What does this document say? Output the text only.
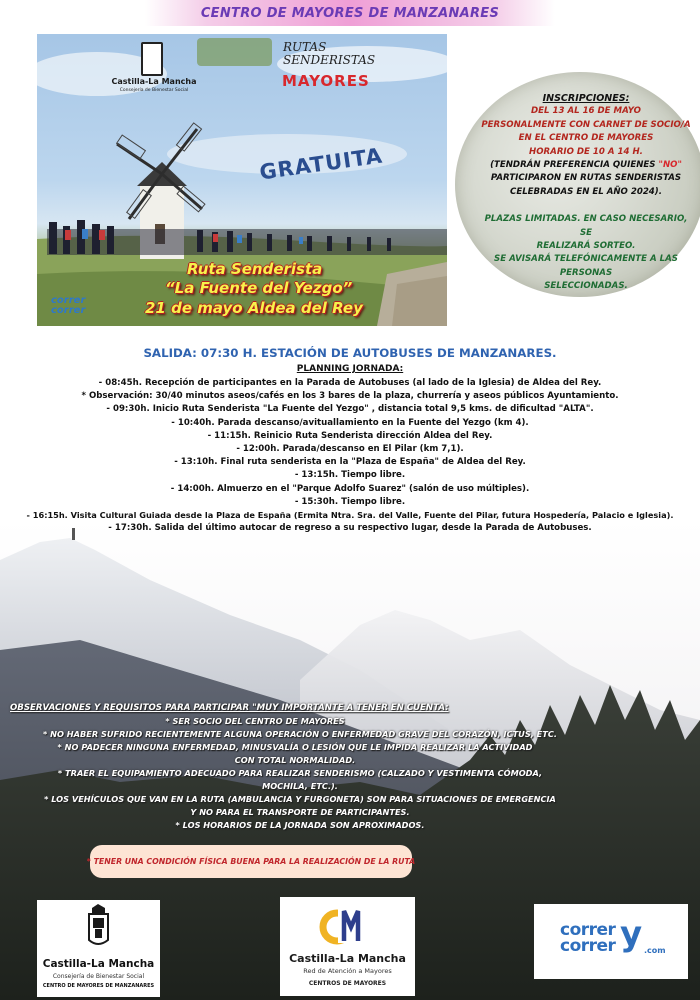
CENTRO DE MAYORES DE MANZANARES
Castilla-La Mancha
Consejería de Bienestar Social
RUTAS
SENDERISTAS
MAYORES
GRATUITA
Ruta Senderista
“La Fuente del Yezgo”
21 de mayo Aldea del Rey
correr
correr
INSCRIPCIONES:
DEL 13 AL 16 DE MAYO
PERSONALMENTE CON CARNET DE SOCIO/A
EN EL CENTRO DE MAYORES
HORARIO DE 10 A 14 H.
(TENDRÁN PREFERENCIA QUIENES "NO"
PARTICIPARON EN RUTAS SENDERISTAS
CELEBRADAS EN EL AÑO 2024).
PLAZAS LIMITADAS. EN CASO NECESARIO, SE
REALIZARÁ SORTEO.
SE AVISARÁ TELEFÓNICAMENTE A LAS PERSONAS
SELECCIONADAS.
SALIDA: 07:30 H. ESTACIÓN DE AUTOBUSES DE MANZANARES.
PLANNING JORNADA:
- 08:45h. Recepción de participantes en la Parada de Autobuses (al lado de la Iglesia) de Aldea del Rey.
* Observación: 30/40 minutos aseos/cafés en los 3 bares de la plaza, churrería y aseos públicos Ayuntamiento.
- 09:30h. Inicio Ruta Senderista "La Fuente del Yezgo" , distancia total 9,5 kms. de dificultad "ALTA".
- 10:40h. Parada descanso/avituallamiento en la Fuente del Yezgo (km 4).
- 11:15h. Reinicio Ruta Senderista dirección Aldea del Rey.
- 12:00h. Parada/descanso en El Pilar (km 7,1).
- 13:10h. Final ruta senderista en la "Plaza de España" de Aldea del Rey.
- 13:15h. Tiempo libre.
- 14:00h. Almuerzo en el "Parque Adolfo Suarez" (salón de uso múltiples).
- 15:30h. Tiempo libre.
- 16:15h. Visita Cultural Guiada desde la Plaza de España (Ermita Ntra. Sra. del Valle, Fuente del Pilar, futura Hospedería, Palacio e Iglesia).
- 17:30h. Salida del último autocar de regreso a su respectivo lugar, desde la Parada de Autobuses.
OBSERVACIONES Y REQUISITOS PARA PARTICIPAR "MUY IMPORTANTE A TENER EN CUENTA:
* SER SOCIO DEL CENTRO DE MAYORES
* NO HABER SUFRIDO RECIENTEMENTE ALGUNA OPERACIÓN O ENFERMEDAD GRAVE DEL CORAZÓN, ICTUS, ETC.
* NO PADECER NINGUNA ENFERMEDAD, MINUSVALÍA O LESIÓN QUE LE IMPIDA REALIZAR LA ACTIVIDAD
CON TOTAL NORMALIDAD.
* TRAER EL EQUIPAMIENTO ADECUADO PARA REALIZAR SENDERISMO (CALZADO Y VESTIMENTA CÓMODA,
MOCHILA, ETC.).
* LOS VEHÍCULOS QUE VAN EN LA RUTA (AMBULANCIA Y FURGONETA) SON PARA SITUACIONES DE EMERGENCIA
Y NO PARA EL TRANSPORTE DE PARTICIPANTES.
* LOS HORARIOS DE LA JORNADA SON APROXIMADOS.
* TENER UNA CONDICIÓN FÍSICA BUENA PARA LA REALIZACIÓN DE LA RUTA
Castilla-La Mancha
Consejería de Bienestar Social
CENTRO DE MAYORES DE MANZANARES
Castilla-La Mancha
Red de Atención a Mayores
CENTROS DE MAYORES
correr
correr y .com
